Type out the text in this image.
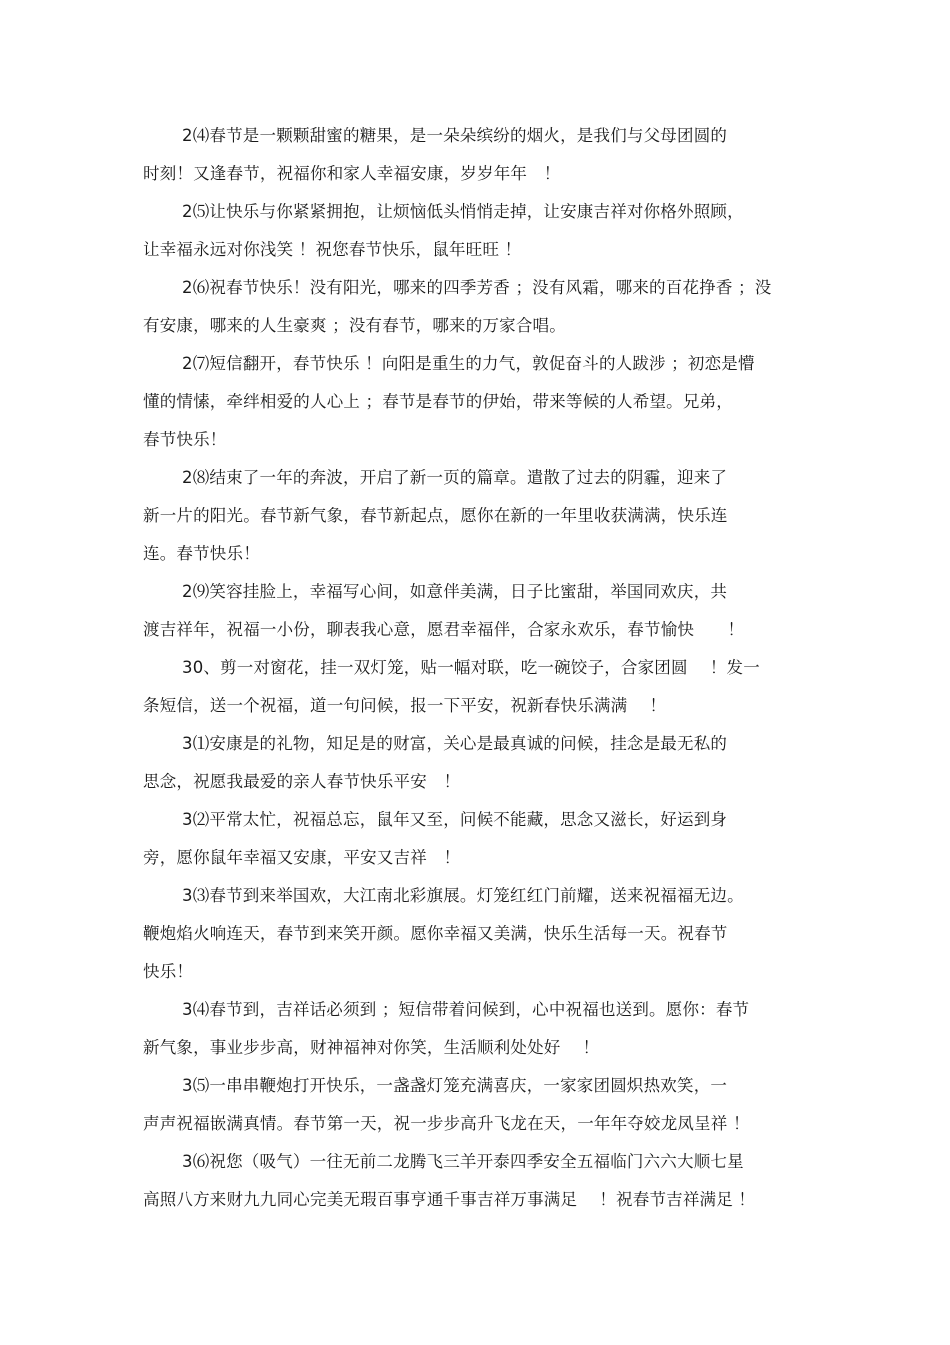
2⑷春节是一颗颗甜蜜的糖果，是一朵朵缤纷的烟火，是我们与父母团圆的
时刻！又逢春节，祝福你和家人幸福安康，岁岁年年　！
2⑸让快乐与你紧紧拥抱，让烦恼低头悄悄走掉，让安康吉祥对你格外照顾，
让幸福永远对你浅笑 ！祝您春节快乐，鼠年旺旺 ！
2⑹祝春节快乐！没有阳光，哪来的四季芳香 ；没有风霜，哪来的百花挣香 ；没
有安康，哪来的人生豪爽 ；没有春节，哪来的万家合唱。
2⑺短信翻开，春节快乐 ！向阳是重生的力气，敦促奋斗的人跋涉 ；初恋是懵
懂的情愫，牵绊相爱的人心上 ；春节是春节的伊始，带来等候的人希望。兄弟，
春节快乐！
2⑻结束了一年的奔波，开启了新一页的篇章。遣散了过去的阴霾，迎来了
新一片的阳光。春节新气象，春节新起点，愿你在新的一年里收获满满，快乐连
连。春节快乐！
2⑼笑容挂脸上，幸福写心间，如意伴美满，日子比蜜甜，举国同欢庆，共
渡吉祥年，祝福一小份，聊表我心意，愿君幸福伴，合家永欢乐，春节愉快　　！
30、剪一对窗花，挂一双灯笼，贴一幅对联，吃一碗饺子，合家团圆　 ！发一
条短信，送一个祝福，道一句问候，报一下平安，祝新春快乐满满　 ！
3⑴安康是的礼物，知足是的财富，关心是最真诚的问候，挂念是最无私的
思念，祝愿我最爱的亲人春节快乐平安　！
3⑵平常太忙，祝福总忘，鼠年又至，问候不能藏，思念又滋长，好运到身
旁，愿你鼠年幸福又安康，平安又吉祥　！
3⑶春节到来举国欢，大江南北彩旗展。灯笼红红门前耀，送来祝福福无边。
鞭炮焰火响连天，春节到来笑开颜。愿你幸福又美满，快乐生活每一天。祝春节
快乐！
3⑷春节到，吉祥话必须到 ；短信带着问候到，心中祝福也送到。愿你：春节
新气象，事业步步高，财神福神对你笑，生活顺利处处好　 ！
3⑸一串串鞭炮打开快乐，一盏盏灯笼充满喜庆，一家家团圆炽热欢笑，一
声声祝福嵌满真情。春节第一天，祝一步步高升飞龙在天，一年年夺姣龙凤呈祥 ！
3⑹祝您（吸气）一往无前二龙腾飞三羊开泰四季安全五福临门六六大顺七星
高照八方来财九九同心完美无瑕百事亨通千事吉祥万事满足　 ！祝春节吉祥满足 ！
